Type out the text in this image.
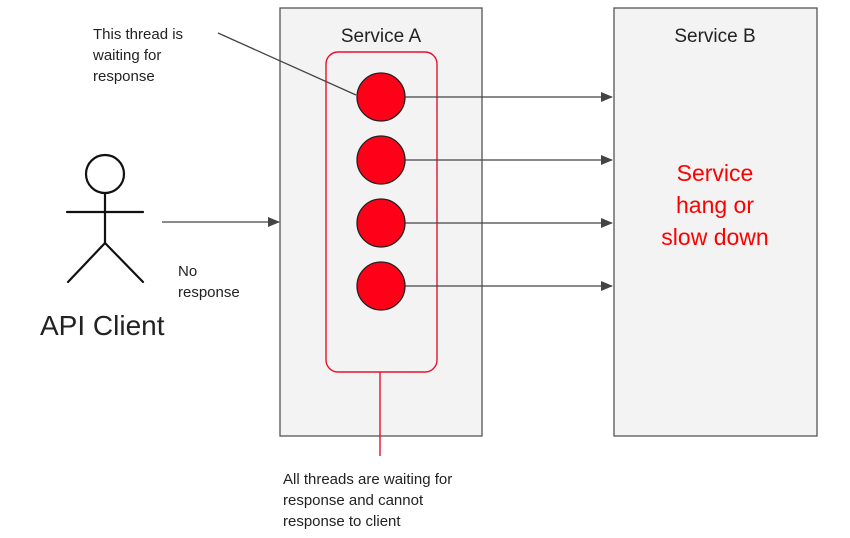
Service A	Service B
Service
hang or
slow down
This thread is
waiting for
response
No
response
API Client
All threads are waiting for
response and cannot
response to client
